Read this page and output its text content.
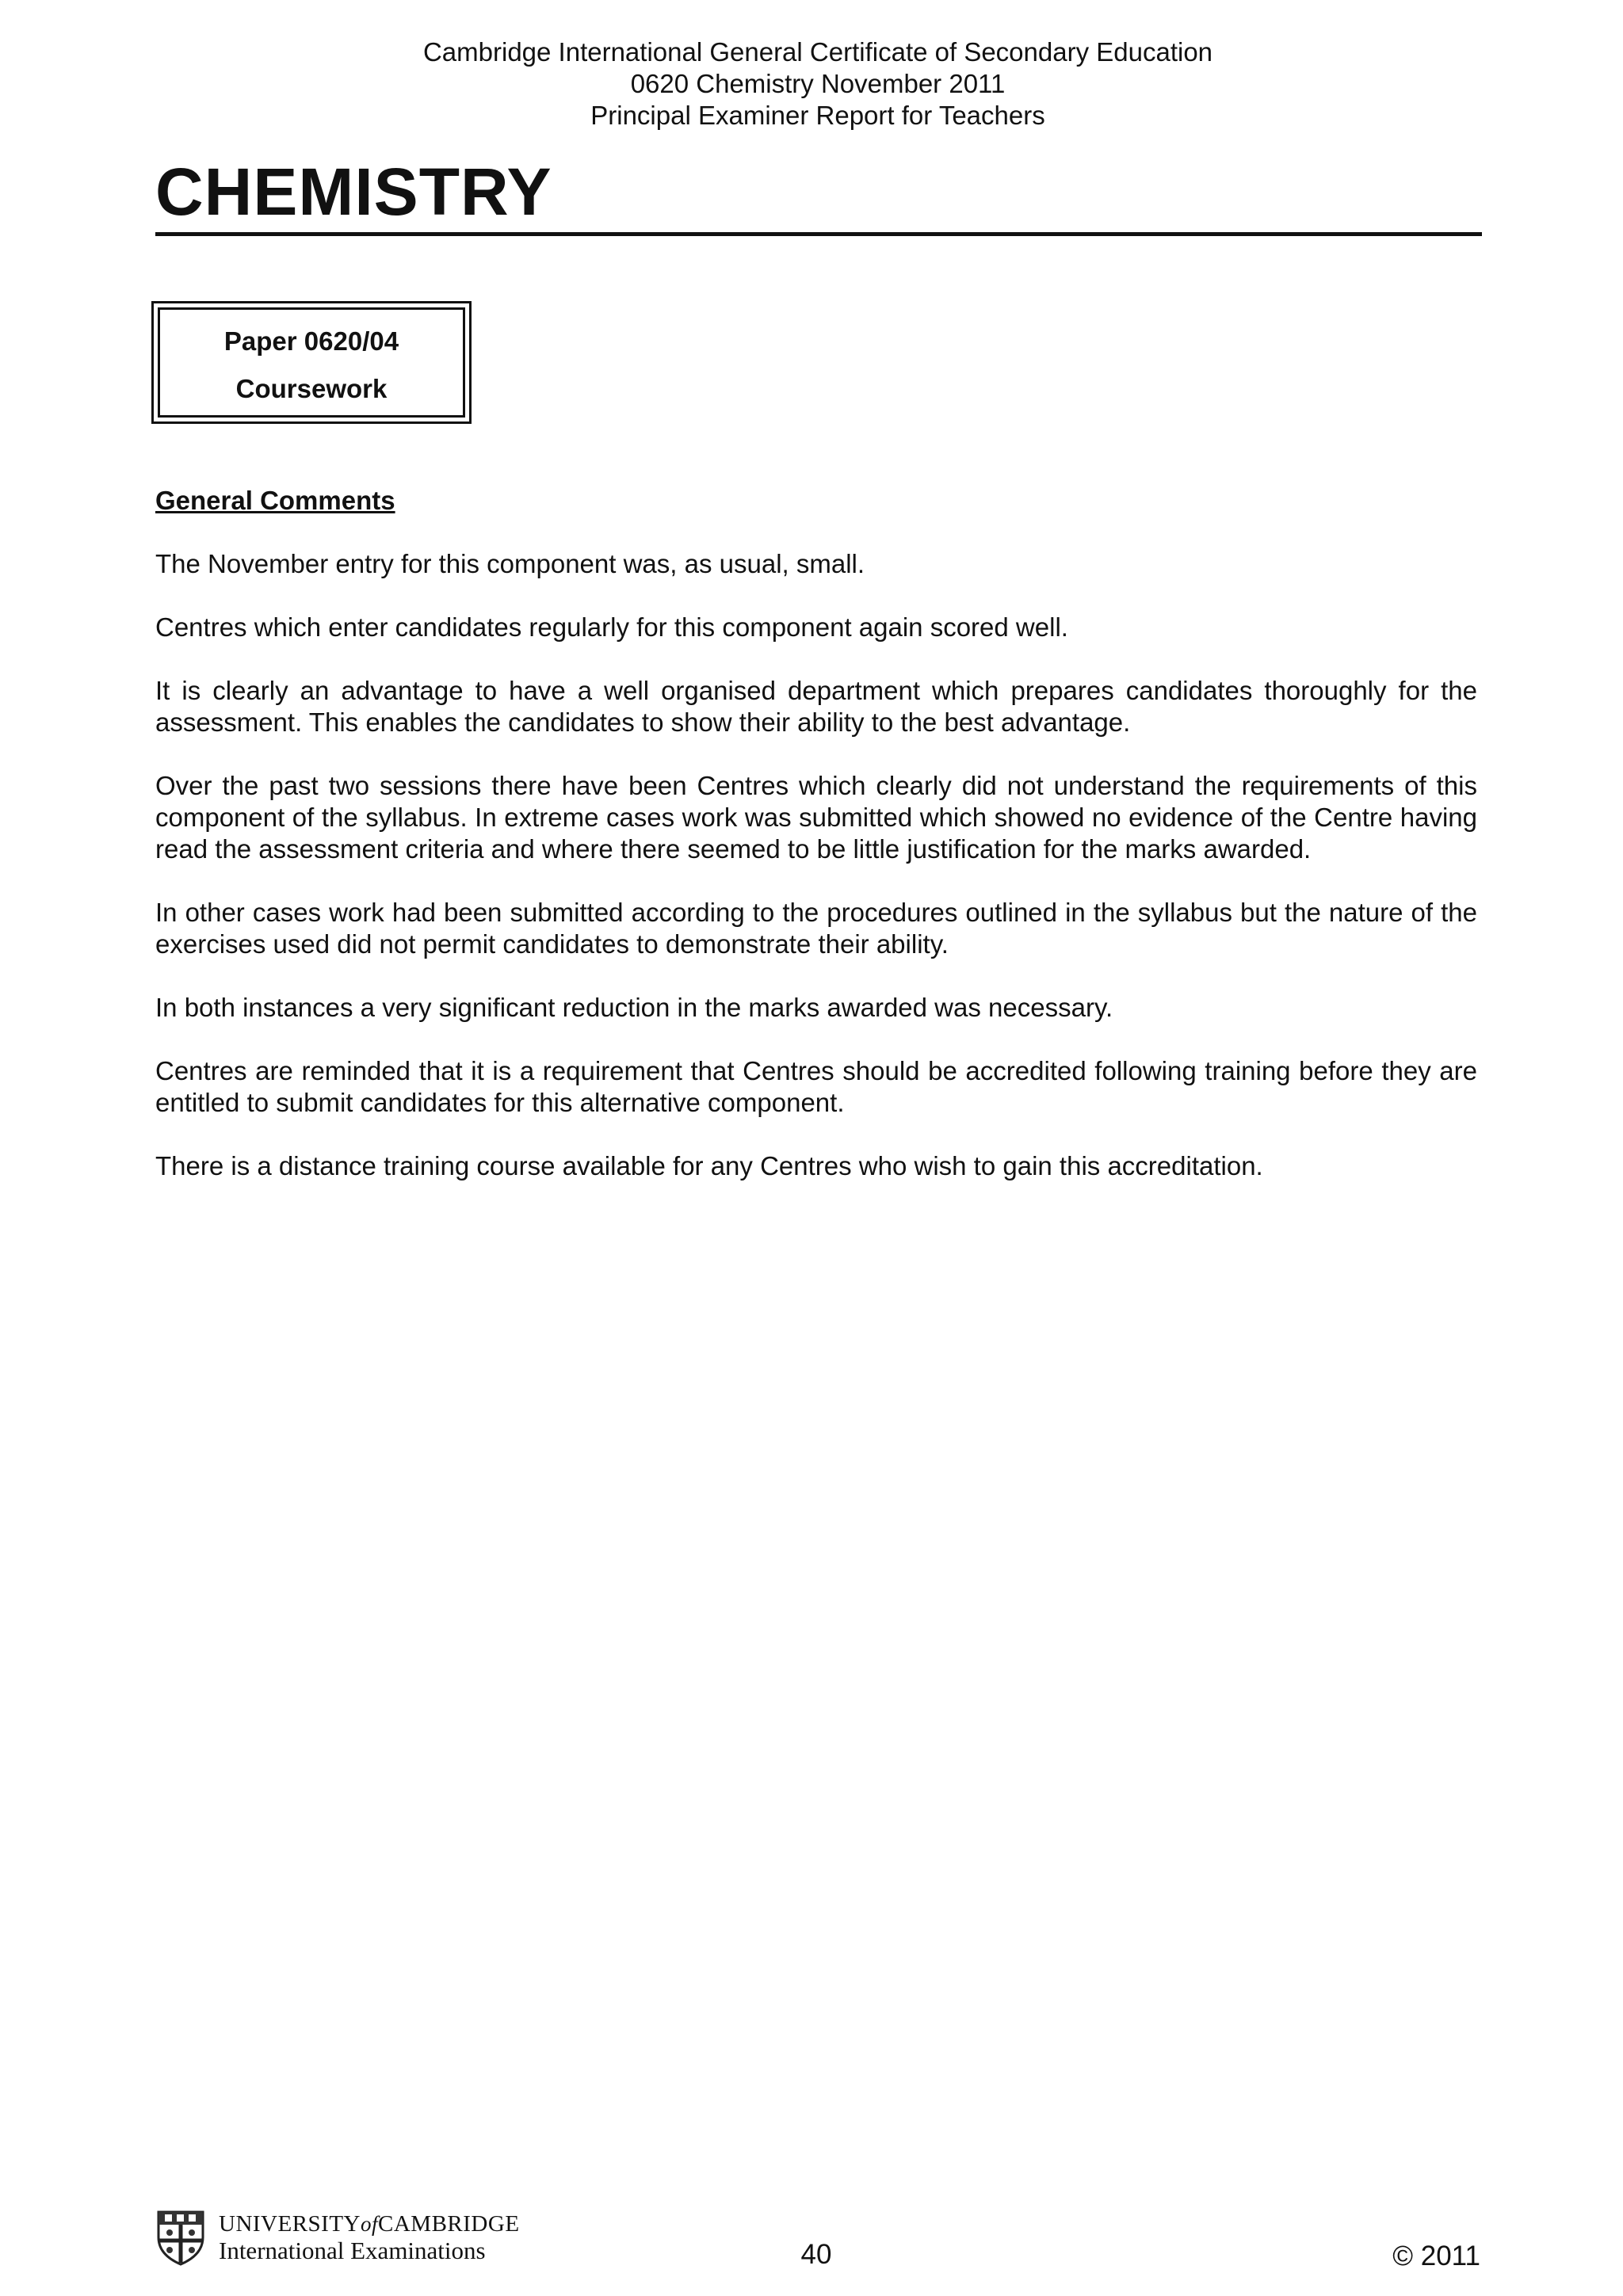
Cambridge International General Certificate of Secondary Education
0620 Chemistry November 2011
Principal Examiner Report for Teachers
CHEMISTRY
Paper 0620/04
Coursework
General Comments

The November entry for this component was, as usual, small.

Centres which enter candidates regularly for this component again scored well.

It is clearly an advantage to have a well organised department which prepares candidates thoroughly for the assessment. This enables the candidates to show their ability to the best advantage.

Over the past two sessions there have been Centres which clearly did not understand the requirements of this component of the syllabus. In extreme cases work was submitted which showed no evidence of the Centre having read the assessment criteria and where there seemed to be little justification for the marks awarded.

In other cases work had been submitted according to the procedures outlined in the syllabus but the nature of the exercises used did not permit candidates to demonstrate their ability.

In both instances a very significant reduction in the marks awarded was necessary.

Centres are reminded that it is a requirement that Centres should be accredited following training before they are entitled to submit candidates for this alternative component.

There is a distance training course available for any Centres who wish to gain this accreditation.

UNIVERSITYofCAMBRIDGE
International Examinations	40	© 2011
